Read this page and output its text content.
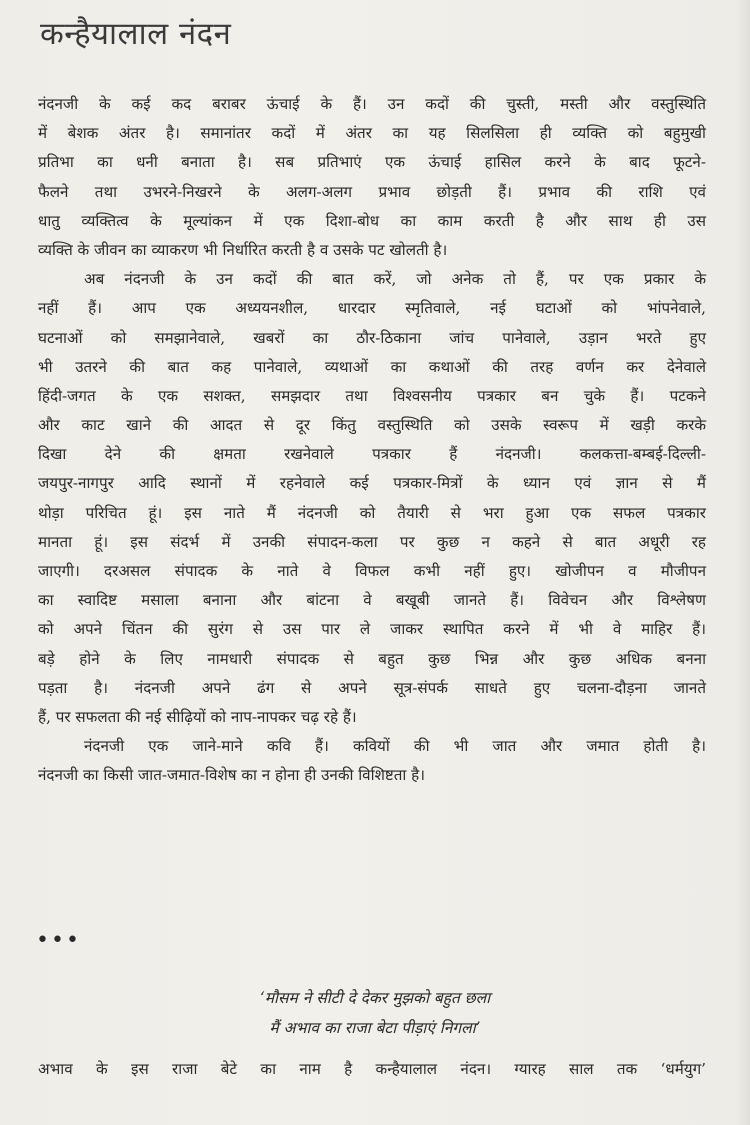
कन्हैयालाल नंदन
नंदनजी के कई कद बराबर ऊंचाई के हैं। उन कदों की चुस्ती, मस्ती और वस्तुस्थिति
में बेशक अंतर है। समानांतर कदों में अंतर का यह सिलसिला ही व्यक्ति को बहुमुखी
प्रतिभा का धनी बनाता है। सब प्रतिभाएं एक ऊंचाई हासिल करने के बाद फूटने-
फैलने तथा उभरने-निखरने के अलग-अलग प्रभाव छोड़ती हैं। प्रभाव की राशि एवं
धातु व्यक्तित्व के मूल्यांकन में एक दिशा-बोध का काम करती है और साथ ही उस
व्यक्ति के जीवन का व्याकरण भी निर्धारित करती है व उसके पट खोलती है।
अब नंदनजी के उन कदों की बात करें, जो अनेक तो हैं, पर एक प्रकार के
नहीं हैं। आप एक अध्ययनशील, धारदार स्मृतिवाले, नई घटाओं को भांपनेवाले,
घटनाओं को समझानेवाले, खबरों का ठौर-ठिकाना जांच पानेवाले, उड़ान भरते हुए
भी उतरने की बात कह पानेवाले, व्यथाओं का कथाओं की तरह वर्णन कर देनेवाले
हिंदी-जगत के एक सशक्त, समझदार तथा विश्वसनीय पत्रकार बन चुके हैं। पटकने
और काट खाने की आदत से दूर किंतु वस्तुस्थिति को उसके स्वरूप में खड़ी करके
दिखा देने की क्षमता रखनेवाले पत्रकार हैं नंदनजी। कलकत्ता-बम्बई-दिल्ली-
जयपुर-नागपुर आदि स्थानों में रहनेवाले कई पत्रकार-मित्रों के ध्यान एवं ज्ञान से मैं
थोड़ा परिचित हूं। इस नाते मैं नंदनजी को तैयारी से भरा हुआ एक सफल पत्रकार
मानता हूं। इस संदर्भ में उनकी संपादन-कला पर कुछ न कहने से बात अधूरी रह
जाएगी। दरअसल संपादक के नाते वे विफल कभी नहीं हुए। खोजीपन व मौजीपन
का स्वादिष्ट मसाला बनाना और बांटना वे बखूबी जानते हैं। विवेचन और विश्लेषण
को अपने चिंतन की सुरंग से उस पार ले जाकर स्थापित करने में भी वे माहिर हैं।
बड़े होने के लिए नामधारी संपादक से बहुत कुछ भिन्न और कुछ अधिक बनना
पड़ता है। नंदनजी अपने ढंग से अपने सूत्र-संपर्क साधते हुए चलना-दौड़ना जानते
हैं, पर सफलता की नई सीढ़ियों को नाप-नापकर चढ़ रहे हैं।
नंदनजी एक जाने-माने कवि हैं। कवियों की भी जात और जमात होती है।
नंदनजी का किसी जात-जमात-विशेष का न होना ही उनकी विशिष्टता है।
•••
‘मौसम ने सीटी दे देकर मुझको बहुत छला
मैं अभाव का राजा बेटा पीड़ाएं निगला’
अभाव के इस राजा बेटे का नाम है कन्हैयालाल नंदन। ग्यारह साल तक ‘धर्मयुग’
